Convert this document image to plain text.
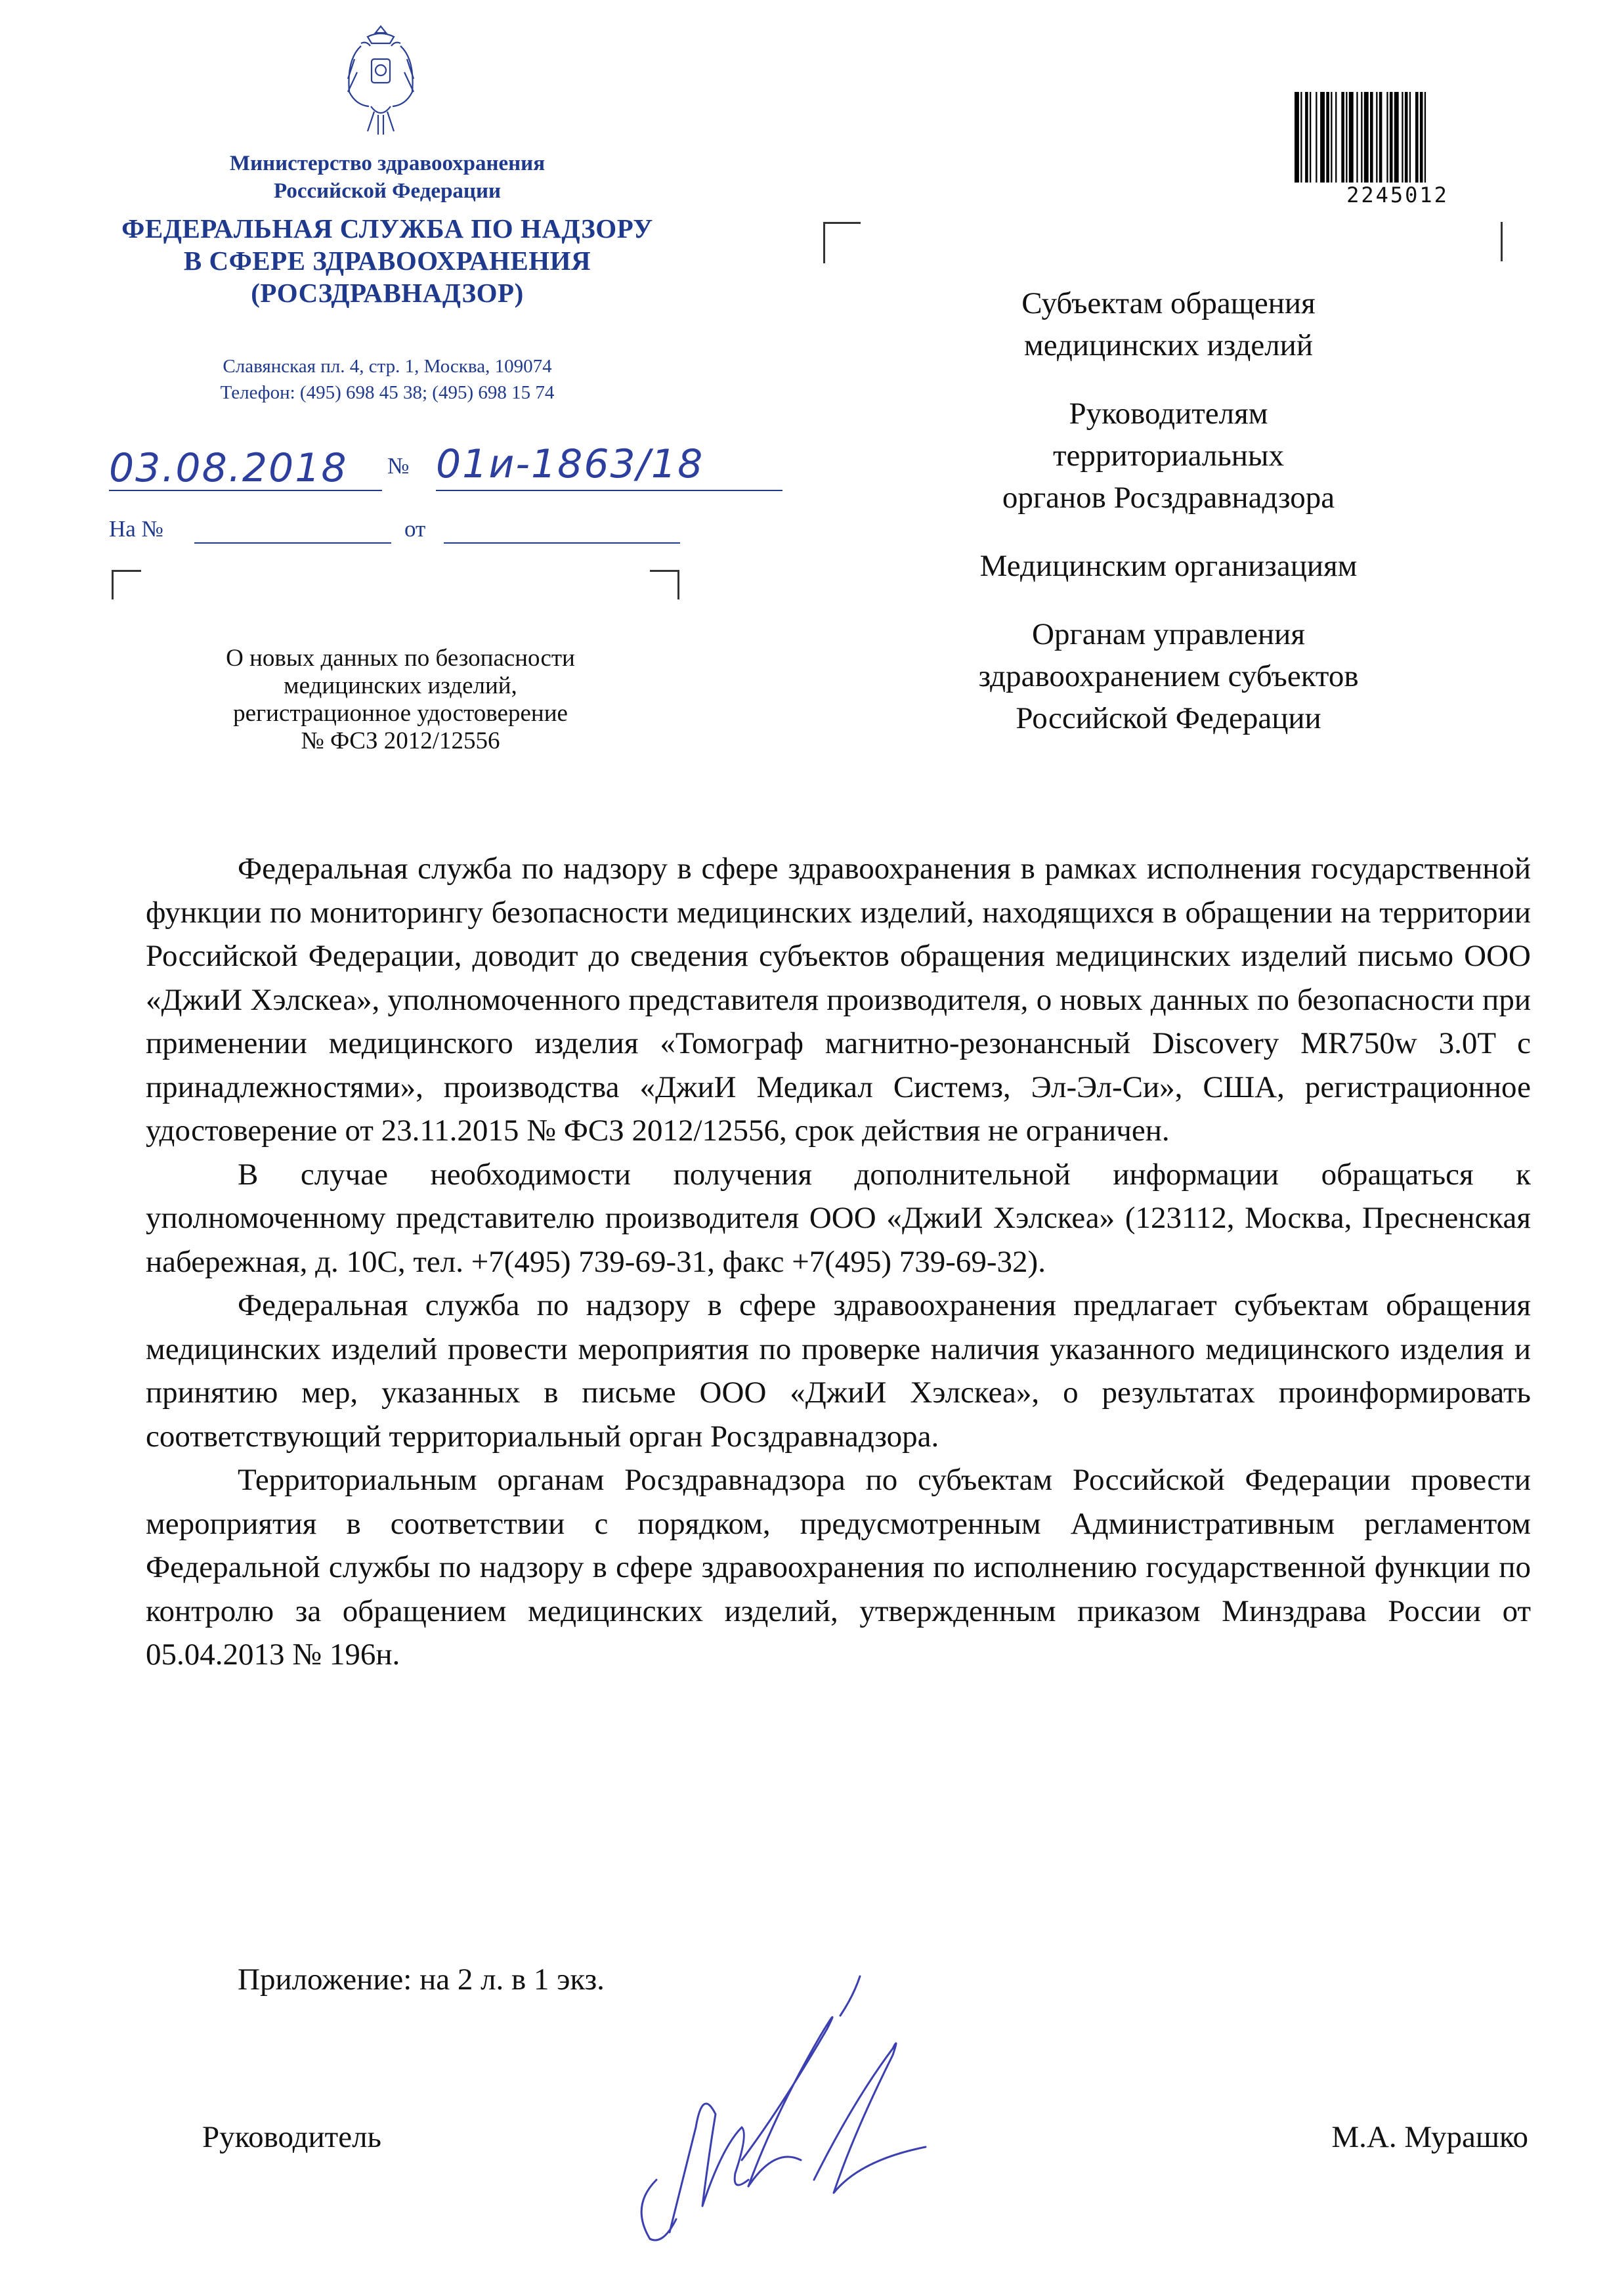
Министерство здравоохранения
Российской Федерации
ФЕДЕРАЛЬНАЯ СЛУЖБА ПО НАДЗОРУ
В СФЕРЕ ЗДРАВООХРАНЕНИЯ
(РОСЗДРАВНАДЗОР)
Славянская пл. 4, стр. 1, Москва, 109074
Телефон: (495) 698 45 38; (495) 698 15 74
03.08.2018 № 01и-1863/18
На №	от
О новых данных по безопасности
медицинских изделий,
регистрационное удостоверение
№ ФСЗ 2012/12556
2245012
Субъектам обращения
медицинских изделий
Руководителям
территориальных
органов Росздравнадзора
Медицинским организациям
Органам управления
здравоохранением субъектов
Российской Федерации

Федеральная служба по надзору в сфере здравоохранения в рамках исполнения государственной функции по мониторингу безопасности медицинских изделий, находящихся в обращении на территории Российской Федерации, доводит до сведения субъектов обращения медицинских изделий письмо ООО «ДжиИ Хэлскеа», уполномоченного представителя производителя, о новых данных по безопасности при применении медицинского изделия «Томограф магнитно-резонансный Discovery MR750w 3.0T с принадлежностями», производства «ДжиИ Медикал Системз, Эл-Эл-Си», США, регистрационное удостоверение от 23.11.2015 № ФСЗ 2012/12556, срок действия не ограничен.

В случае необходимости получения дополнительной информации обращаться к уполномоченному представителю производителя ООО «ДжиИ Хэлскеа» (123112, Москва, Пресненская набережная, д. 10С, тел. +7(495) 739-69-31, факс +7(495) 739-69-32).

Федеральная служба по надзору в сфере здравоохранения предлагает субъектам обращения медицинских изделий провести мероприятия по проверке наличия указанного медицинского изделия и принятию мер, указанных в письме ООО «ДжиИ Хэлскеа», о результатах проинформировать соответствующий территориальный орган Росздравнадзора.

Территориальным органам Росздравнадзора по субъектам Российской Федерации провести мероприятия в соответствии с порядком, предусмотренным Административным регламентом Федеральной службы по надзору в сфере здравоохранения по исполнению государственной функции по контролю за обращением медицинских изделий, утвержденным приказом Минздрава России от 05.04.2013 № 196н.

Приложение: на 2 л. в 1 экз.
Руководитель	М.А. Мурашко
